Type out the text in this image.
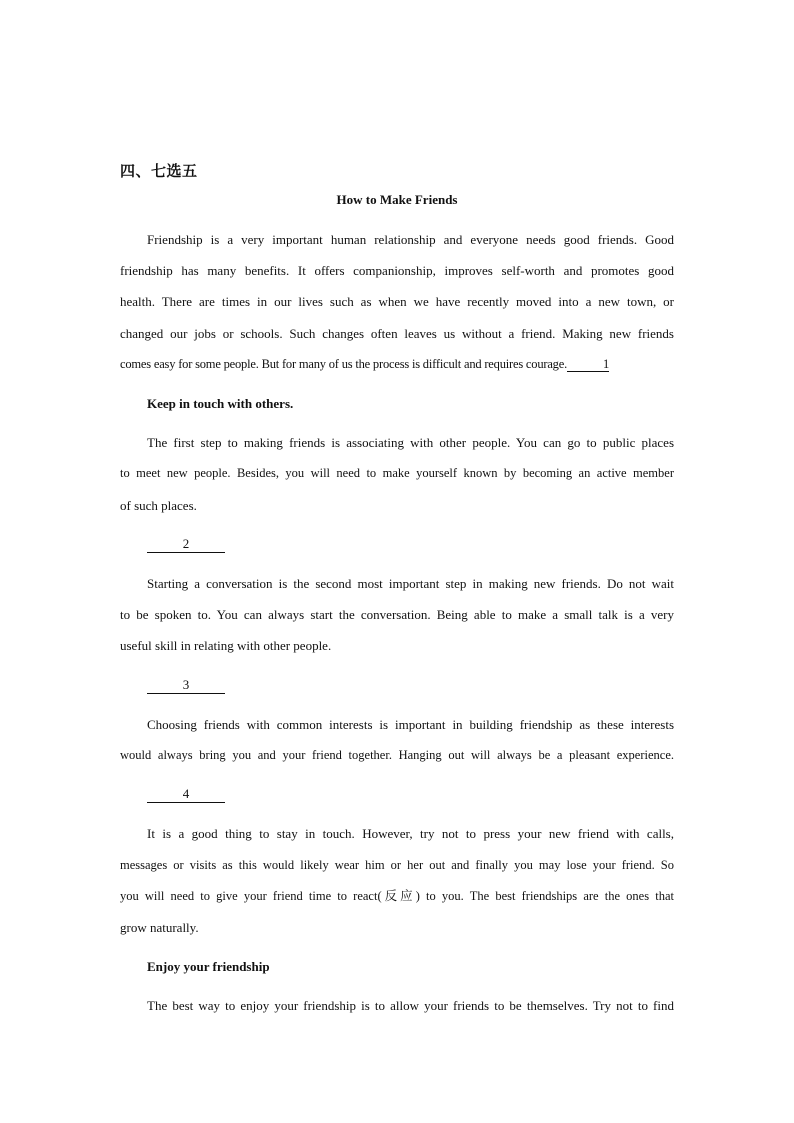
四、七选五
How to Make Friends
Friendship is a very important human relationship and everyone needs good friends. Good
friendship has many benefits. It offers companionship, improves self-worth and promotes good
health. There are times in our lives such as when we have recently moved into a new town, or
changed our jobs or schools. Such changes often leaves us without a friend. Making new friends
comes easy for some people. But for many of us the process is difficult and requires courage.	1
Keep in touch with others.
The first step to making friends is associating with other people. You can go to public places
to meet new people. Besides, you will need to make yourself known by becoming an active member
of such places.
2
Starting a conversation is the second most important step in making new friends. Do not wait
to be spoken to. You can always start the conversation. Being able to make a small talk is a very
useful skill in relating with other people.
3
Choosing friends with common interests is important in building friendship as these interests
would always bring you and your friend together. Hanging out will always be a pleasant experience.
4
It is a good thing to stay in touch. However, try not to press your new friend with calls,
messages or visits as this would likely wear him or her out and finally you may lose your friend. So
you will need to give your friend time to react(反应) to you. The best friendships are the ones that
grow naturally.
Enjoy your friendship
The best way to enjoy your friendship is to allow your friends to be themselves. Try not to find
